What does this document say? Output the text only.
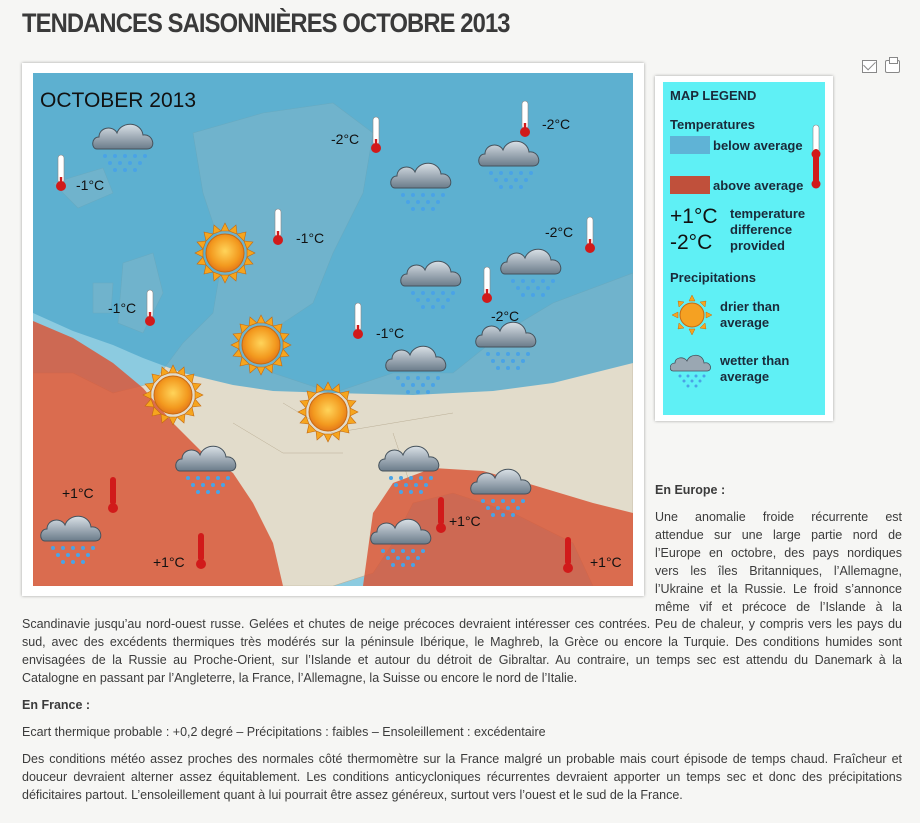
TENDANCES SAISONNIÈRES OCTOBRE 2013
OCTOBER 2013
-1°C
-2°C
-2°C
-1°C	-2°C
-1°C
-1°C
-2°C
+1°C
+1°C
+1°C	+1°C
MAP LEGEND
Temperatures
below average
above average
+1°C
-2°C
temperature
difference
provided
Precipitations
drier than
average
wetter than
average
En Europe :
Une anomalie froide récurrente est
attendue sur une large partie nord de
l’Europe en octobre, des pays nordiques
vers les îles Britanniques, l’Allemagne,
l’Ukraine et la Russie. Le froid s’annonce
même vif et précoce de l’Islande à la
Scandinavie jusqu’au nord-ouest russe. Gelées et chutes de neige précoces devraient intéresser ces contrées. Peu de chaleur, y compris vers les pays du
sud, avec des excédents thermiques très modérés sur la péninsule Ibérique, le Maghreb, la Grèce ou encore la Turquie. Des conditions humides sont
envisagées de la Russie au Proche-Orient, sur l’Islande et autour du détroit de Gibraltar. Au contraire, un temps sec est attendu du Danemark à la
Catalogne en passant par l’Angleterre, la France, l’Allemagne, la Suisse ou encore le nord de l’Italie.
En France :
Ecart thermique probable : +0,2 degré – Précipitations : faibles – Ensoleillement : excédentaire
Des conditions météo assez proches des normales côté thermomètre sur la France malgré un probable mais court épisode de temps chaud. Fraîcheur et
douceur devraient alterner assez équitablement. Les conditions anticycloniques récurrentes devraient apporter un temps sec et donc des précipitations
déficitaires partout. L’ensoleillement quant à lui pourrait être assez généreux, surtout vers l’ouest et le sud de la France.
